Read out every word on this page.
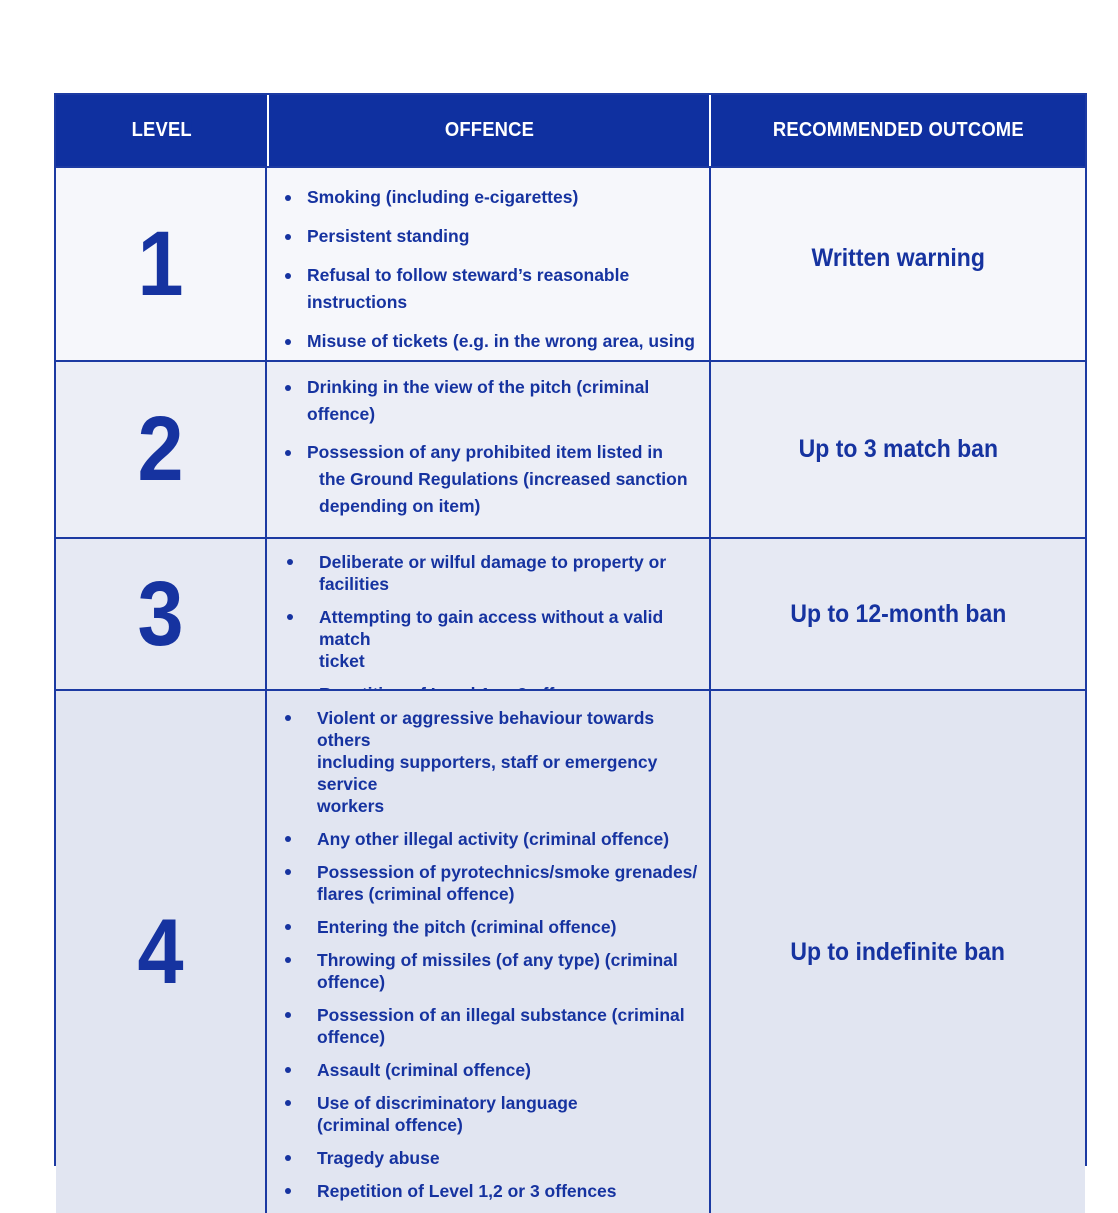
LEVEL	OFFENCE	RECOMMENDED OUTCOME
1
Smoking (including e-cigarettes)
Persistent standing
Refusal to follow steward’s reasonable instructions
Misuse of tickets (e.g. in the wrong area, using
Written warning
2
Drinking in the view of the pitch (criminal offence)
Possession of any prohibited item listed in
the Ground Regulations (increased sanction
depending on item)
Up to 3 match ban
3
Deliberate or wilful damage to property or
facilities
Attempting to gain access without a valid match
ticket
Up to 12-month ban
4
Violent or aggressive behaviour towards others
including supporters, staff or emergency service
workers
Any other illegal activity (criminal offence)
Possession of pyrotechnics/smoke grenades/
flares (criminal offence)
Entering the pitch (criminal offence)
Throwing of missiles (of any type) (criminal
offence)
Possession of an illegal substance (criminal
offence)
Assault (criminal offence)
Use of discriminatory language
(criminal offence)
Tragedy abuse
Repetition of Level 1,2 or 3 offences
Up to indefinite ban
